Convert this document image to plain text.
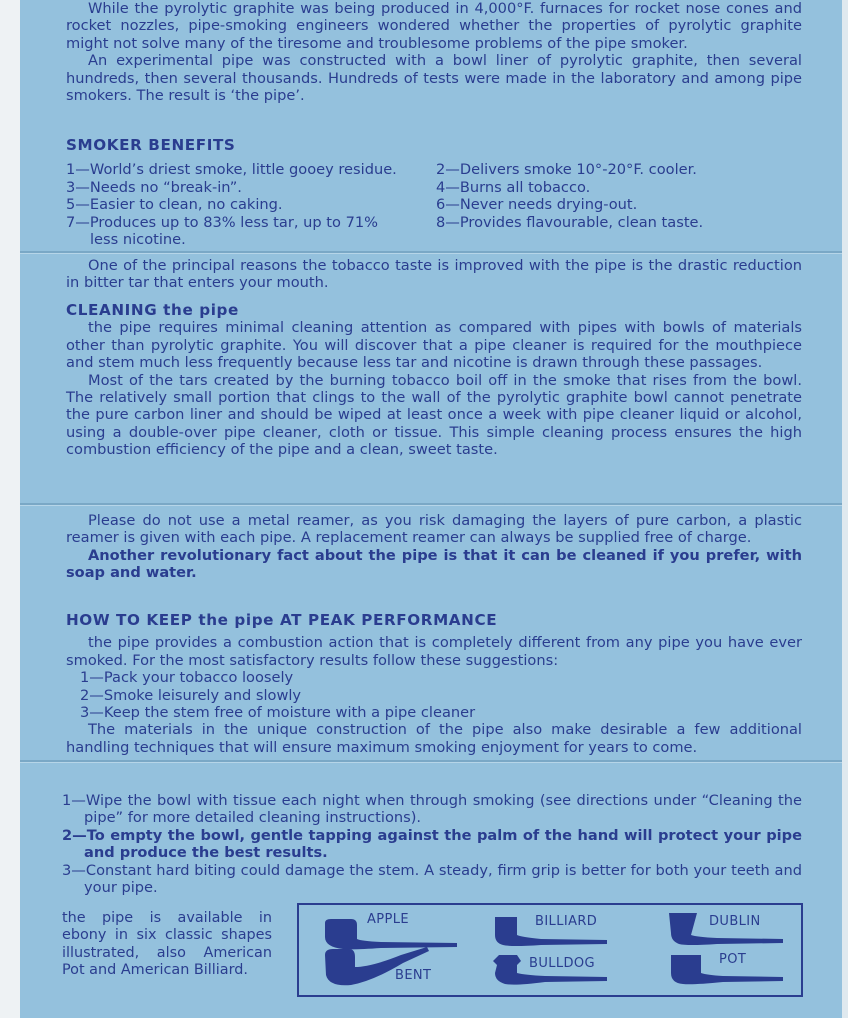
While the pyrolytic graphite was being produced in 4,000°F. furnaces for rocket nose cones and rocket nozzles, pipe-smoking engineers wondered whether the properties of pyrolytic graphite might not solve many of the tiresome and troublesome problems of the pipe smoker.

An experimental pipe was constructed with a bowl liner of pyrolytic graphite, then several hundreds, then several thousands. Hundreds of tests were made in the laboratory and among pipe smokers. The result is ‘the pipe’.

SMOKER BENEFITS
1—World’s driest smoke, little gooey residue.	2—Delivers smoke 10°-20°F. cooler.
3—Needs no “break-in”.	4—Burns all tobacco.
5—Easier to clean, no caking.	6—Never needs drying-out.
7—Produces up to 83% less tar, up to 71%	8—Provides flavourable, clean taste.
less nicotine.

One of the principal reasons the tobacco taste is improved with the pipe is the drastic reduction in bitter tar that enters your mouth.

CLEANING the pipe

the pipe requires minimal cleaning attention as compared with pipes with bowls of materials other than pyrolytic graphite. You will discover that a pipe cleaner is required for the mouthpiece and stem much less frequently because less tar and nicotine is drawn through these passages.

Most of the tars created by the burning tobacco boil off in the smoke that rises from the bowl. The relatively small portion that clings to the wall of the pyrolytic graphite bowl cannot penetrate the pure carbon liner and should be wiped at least once a week with pipe cleaner liquid or alcohol, using a double-over pipe cleaner, cloth or tissue. This simple cleaning process ensures the high combustion efficiency of the pipe and a clean, sweet taste.

Please do not use a metal reamer, as you risk damaging the layers of pure carbon, a plastic reamer is given with each pipe. A replacement reamer can always be supplied free of charge.

Another revolutionary fact about the pipe is that it can be cleaned if you prefer, with soap and water.

HOW TO KEEP the pipe AT PEAK PERFORMANCE

the pipe provides a combustion action that is completely different from any pipe you have ever smoked. For the most satisfactory results follow these suggestions:

1—Pack your tobacco loosely
2—Smoke leisurely and slowly
3—Keep the stem free of moisture with a pipe cleaner

The materials in the unique construction of the pipe also make desirable a few additional handling techniques that will ensure maximum smoking enjoyment for years to come.

1—Wipe the bowl with tissue each night when through smoking (see directions under “Cleaning the pipe” for more detailed cleaning instructions).

2—To empty the bowl, gentle tapping against the palm of the hand will protect your pipe and produce the best results.

3—Constant hard biting could damage the stem. A steady, firm grip is better for both your teeth and your pipe.

the pipe is available in ebony in six classic shapes illustrated, also American Pot and American Billiard.

APPLE	BILLIARD	DUBLIN
BENT
BULLDOG	POT
